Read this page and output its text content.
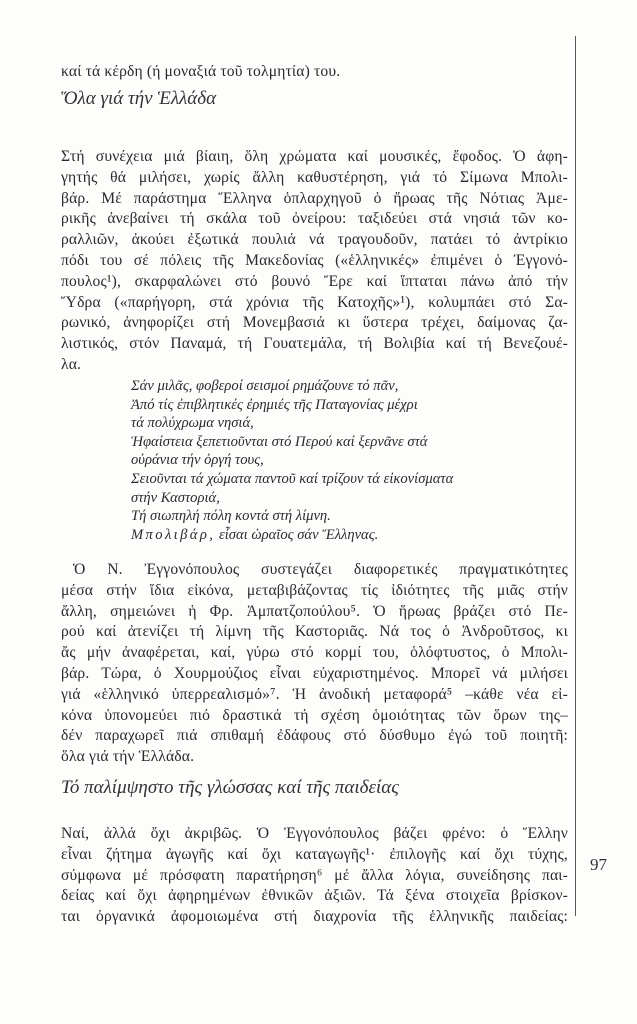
97
καί τά κέρδη (ή μοναξιά τοῦ τολμητία) του.
Ὅλα γιά τήν Ἑλλάδα
Στή συνέχεια μιά βίαιη, ὅλη χρώματα καί μουσικές, ἔφοδος. Ὁ ἀφη-
γητής θά μιλήσει, χωρίς ἄλλη καθυστέρηση, γιά τό Σίμωνα Μπολι-
βάρ. Μέ παράστημα Ἕλληνα ὁπλαρχηγοῦ ὁ ἥρωας τῆς Νότιας Ἀμε-
ρικῆς ἀνεβαίνει τή σκάλα τοῦ ὀνείρου: ταξιδεύει στά νησιά τῶν κο-
ραλλιῶν, ἀκούει ἐξωτικά πουλιά νά τραγουδοῦν, πατάει τό ἀντρίκιο
πόδι του σέ πόλεις τῆς Μακεδονίας («ἑλληνικές» ἐπιμένει ὁ Ἐγγονό-
πουλος¹), σκαρφαλώνει στό βουνό Ἔρε καί ἵπταται πάνω ἀπό τήν
Ὕδρα («παρήγορη, στά χρόνια τῆς Κατοχῆς»¹), κολυμπάει στό Σα-
ρωνικό, ἀνηφορίζει στή Μονεμβασιά κι ὕστερα τρέχει, δαίμονας ζα-
λιστικός, στόν Παναμά, τή Γουατεμάλα, τή Βολιβία καί τή Βενεζουέ-
λα.
Σάν μιλᾶς, φοβεροί σεισμοί ρημάζουνε τό πᾶν,
Ἀπό τίς ἐπιβλητικές ἐρημιές τῆς Παταγονίας μέχρι
τά πολύχρωμα νησιά,
Ἡφαίστεια ξεπετιοῦνται στό Περού καί ξερνᾶνε στά
οὐράνια τήν ὀργή τους,
Σειοῦνται τά χώματα παντοῦ καί τρίζουν τά εἰκονίσματα
στήν Καστοριά,
Τή σιωπηλή πόλη κοντά στή λίμνη.
Μπολιβάρ, εἶσαι ὡραῖος σάν Ἕλληνας.
Ὁ Ν. Ἐγγονόπουλος συστεγάζει διαφορετικές πραγματικότητες
μέσα στήν ἴδια εἰκόνα, μεταβιβάζοντας τίς ἰδιότητες τῆς μιᾶς στήν
ἄλλη, σημειώνει ἡ Φρ. Ἀμπατζοπούλου⁵. Ὁ ἥρωας βράζει στό Πε-
ρού καί ἀτενίζει τή λίμνη τῆς Καστοριᾶς. Νά τος ὁ Ἀνδροῦτσος, κι
ἄς μήν ἀναφέρεται, καί, γύρω στό κορμί του, ὁλόφτυστος, ὁ Μπολι-
βάρ. Τώρα, ὁ Χουρμούζιος εἶναι εὐχαριστημένος. Μπορεῖ νά μιλήσει
γιά «ἑλληνικό ὑπερρεαλισμό»⁷. Ἡ ἀνοδική μεταφορά⁵ –κάθε νέα εἰ-
κόνα ὑπονομεύει πιό δραστικά τή σχέση ὁμοιότητας τῶν ὅρων της–
δέν παραχωρεῖ πιά σπιθαμή ἐδάφους στό δύσθυμο ἐγώ τοῦ ποιητῆ:
ὅλα γιά τήν Ἑλλάδα.
Τό παλίμψηστο τῆς γλώσσας καί τῆς παιδείας
Ναί, ἀλλά ὄχι ἀκριβῶς. Ὁ Ἐγγονόπουλος βάζει φρένο: ὁ Ἕλλην
εἶναι ζήτημα ἀγωγῆς καί ὄχι καταγωγῆς¹· ἐπιλογῆς καί ὄχι τύχης,
σύμφωνα μέ πρόσφατη παρατήρηση⁶ μέ ἄλλα λόγια, συνείδησης παι-
δείας καί ὄχι ἀφηρημένων ἐθνικῶν ἀξιῶν. Τά ξένα στοιχεῖα βρίσκον-
ται ὀργανικά ἀφομοιωμένα στή διαχρονία τῆς ἑλληνικῆς παιδείας:
